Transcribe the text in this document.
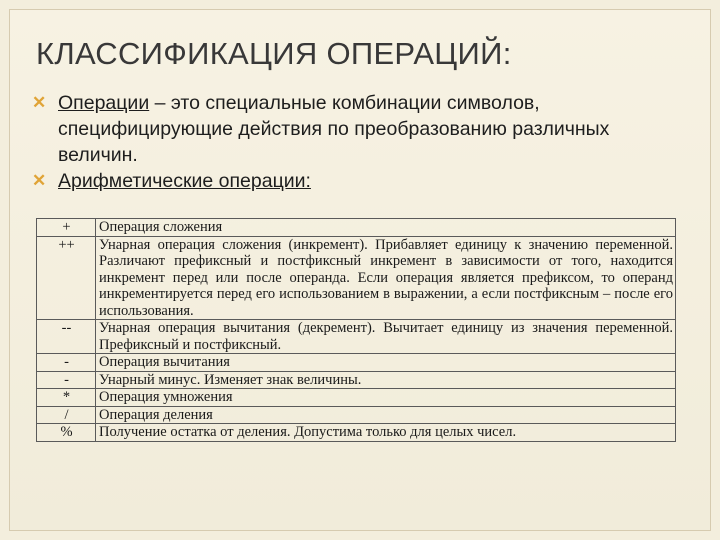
КЛАССИФИКАЦИЯ ОПЕРАЦИЙ:
✕ Операции – это специальные комбинации символов, специфицирующие действия по преобразованию различных величин.
✕ Арифметические операции:
+	Операция сложения
++	Унарная операция сложения (инкремент). Прибавляет единицу к значению переменной. Различают префиксный и постфиксный инкремент в зависимости от того, находится инкремент перед или после операнда. Если операция является префиксом, то операнд инкрементируется перед его использованием в выражении, а если постфиксным – после его использования.
--	Унарная операция вычитания (декремент). Вычитает единицу из значения переменной. Префиксный и постфиксный.
-	Операция вычитания
-	Унарный минус. Изменяет знак величины.
*	Операция умножения
/	Операция деления
%	Получение остатка от деления. Допустима только для целых чисел.
